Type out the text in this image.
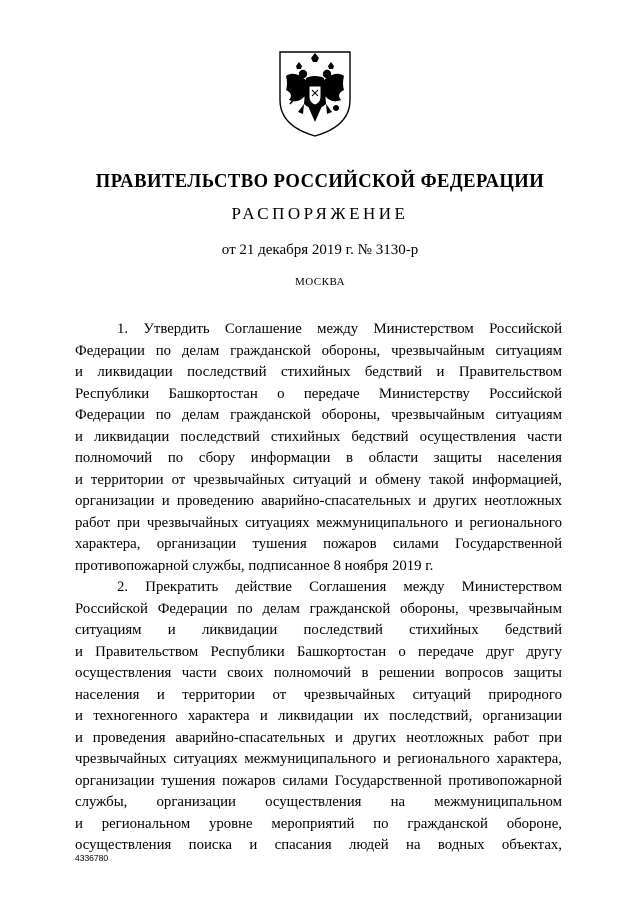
ПРАВИТЕЛЬСТВО РОССИЙСКОЙ ФЕДЕРАЦИИ
РАСПОРЯЖЕНИЕ
от 21 декабря 2019 г. № 3130-р
МОСКВА
1. Утвердить Соглашение между Министерством Российской
Федерации по делам гражданской обороны, чрезвычайным ситуациям
и ликвидации последствий стихийных бедствий и Правительством
Республики Башкортостан о передаче Министерству Российской
Федерации по делам гражданской обороны, чрезвычайным ситуациям
и ликвидации последствий стихийных бедствий осуществления части
полномочий по сбору информации в области защиты населения
и территории от чрезвычайных ситуаций и обмену такой информацией,
организации и проведению аварийно-спасательных и других неотложных
работ при чрезвычайных ситуациях межмуниципального и регионального
характера, организации тушения пожаров силами Государственной
противопожарной службы, подписанное 8 ноября 2019 г.
2. Прекратить действие Соглашения между Министерством
Российской Федерации по делам гражданской обороны, чрезвычайным
ситуациям и ликвидации последствий стихийных бедствий
и Правительством Республики Башкортостан о передаче друг другу
осуществления части своих полномочий в решении вопросов защиты
населения и территории от чрезвычайных ситуаций природного
и техногенного характера и ликвидации их последствий, организации
и проведения аварийно-спасательных и других неотложных работ при
чрезвычайных ситуациях межмуниципального и регионального характера,
организации тушения пожаров силами Государственной противопожарной
службы, организации осуществления на межмуниципальном
и региональном уровне мероприятий по гражданской обороне,
осуществления поиска и спасания людей на водных объектах,
4336780
